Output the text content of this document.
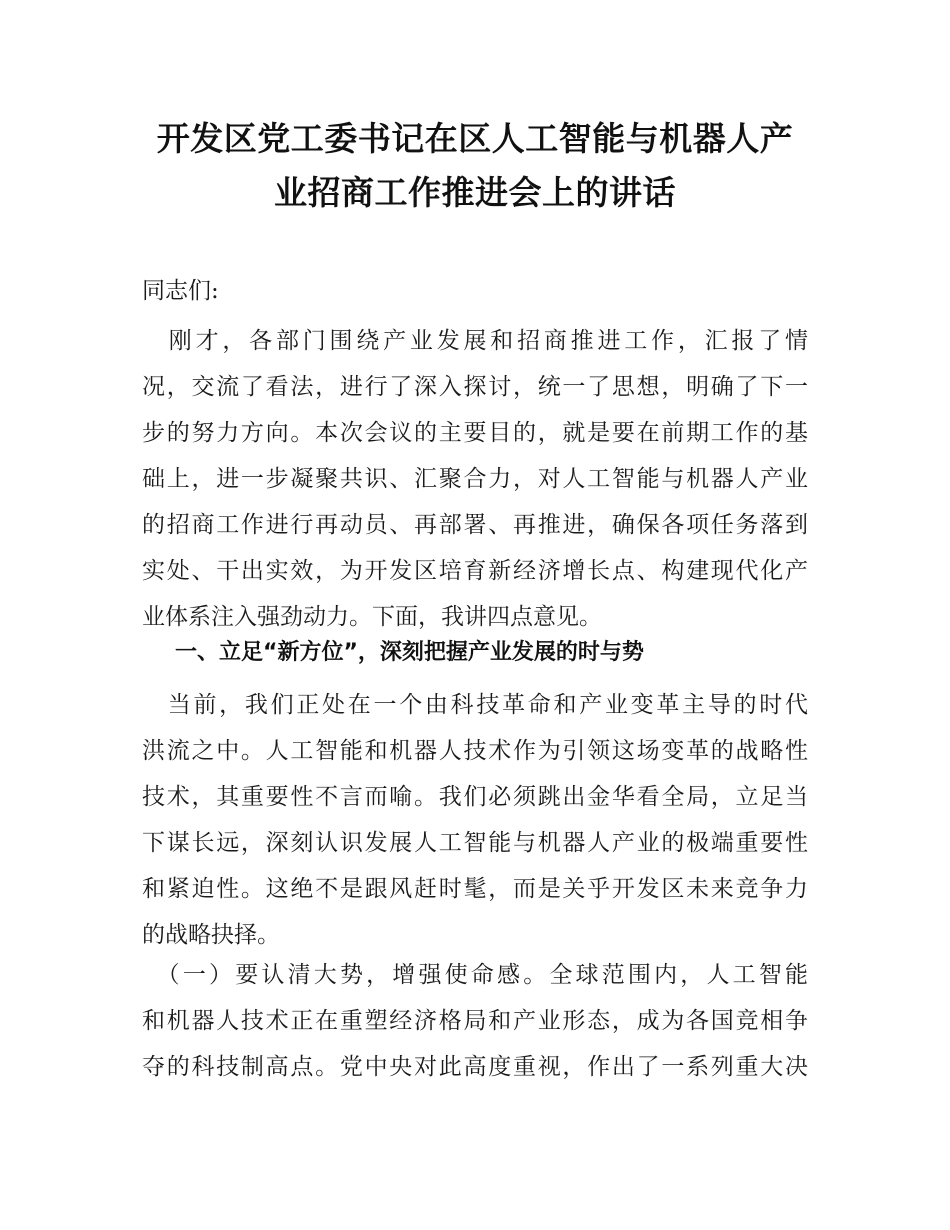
开发区党工委书记在区人工智能与机器人产
业招商工作推进会上的讲话

同志们:

　刚才，各部门围绕产业发展和招商推进工作，汇报了情
况，交流了看法，进行了深入探讨，统一了思想，明确了下一
步的努力方向。本次会议的主要目的，就是要在前期工作的基
础上，进一步凝聚共识、汇聚合力，对人工智能与机器人产业
的招商工作进行再动员、再部署、再推进，确保各项任务落到
实处、干出实效，为开发区培育新经济增长点、构建现代化产
业体系注入强劲动力。下面，我讲四点意见。

一、立足“新方位”，深刻把握产业发展的时与势

　当前，我们正处在一个由科技革命和产业变革主导的时代
洪流之中。人工智能和机器人技术作为引领这场变革的战略性
技术，其重要性不言而喻。我们必须跳出金华看全局，立足当
下谋长远，深刻认识发展人工智能与机器人产业的极端重要性
和紧迫性。这绝不是跟风赶时髦，而是关乎开发区未来竞争力
的战略抉择。
　（一）要认清大势，增强使命感。全球范围内，人工智能
和机器人技术正在重塑经济格局和产业形态，成为各国竞相争
夺的科技制高点。党中央对此高度重视，作出了一系列重大决
